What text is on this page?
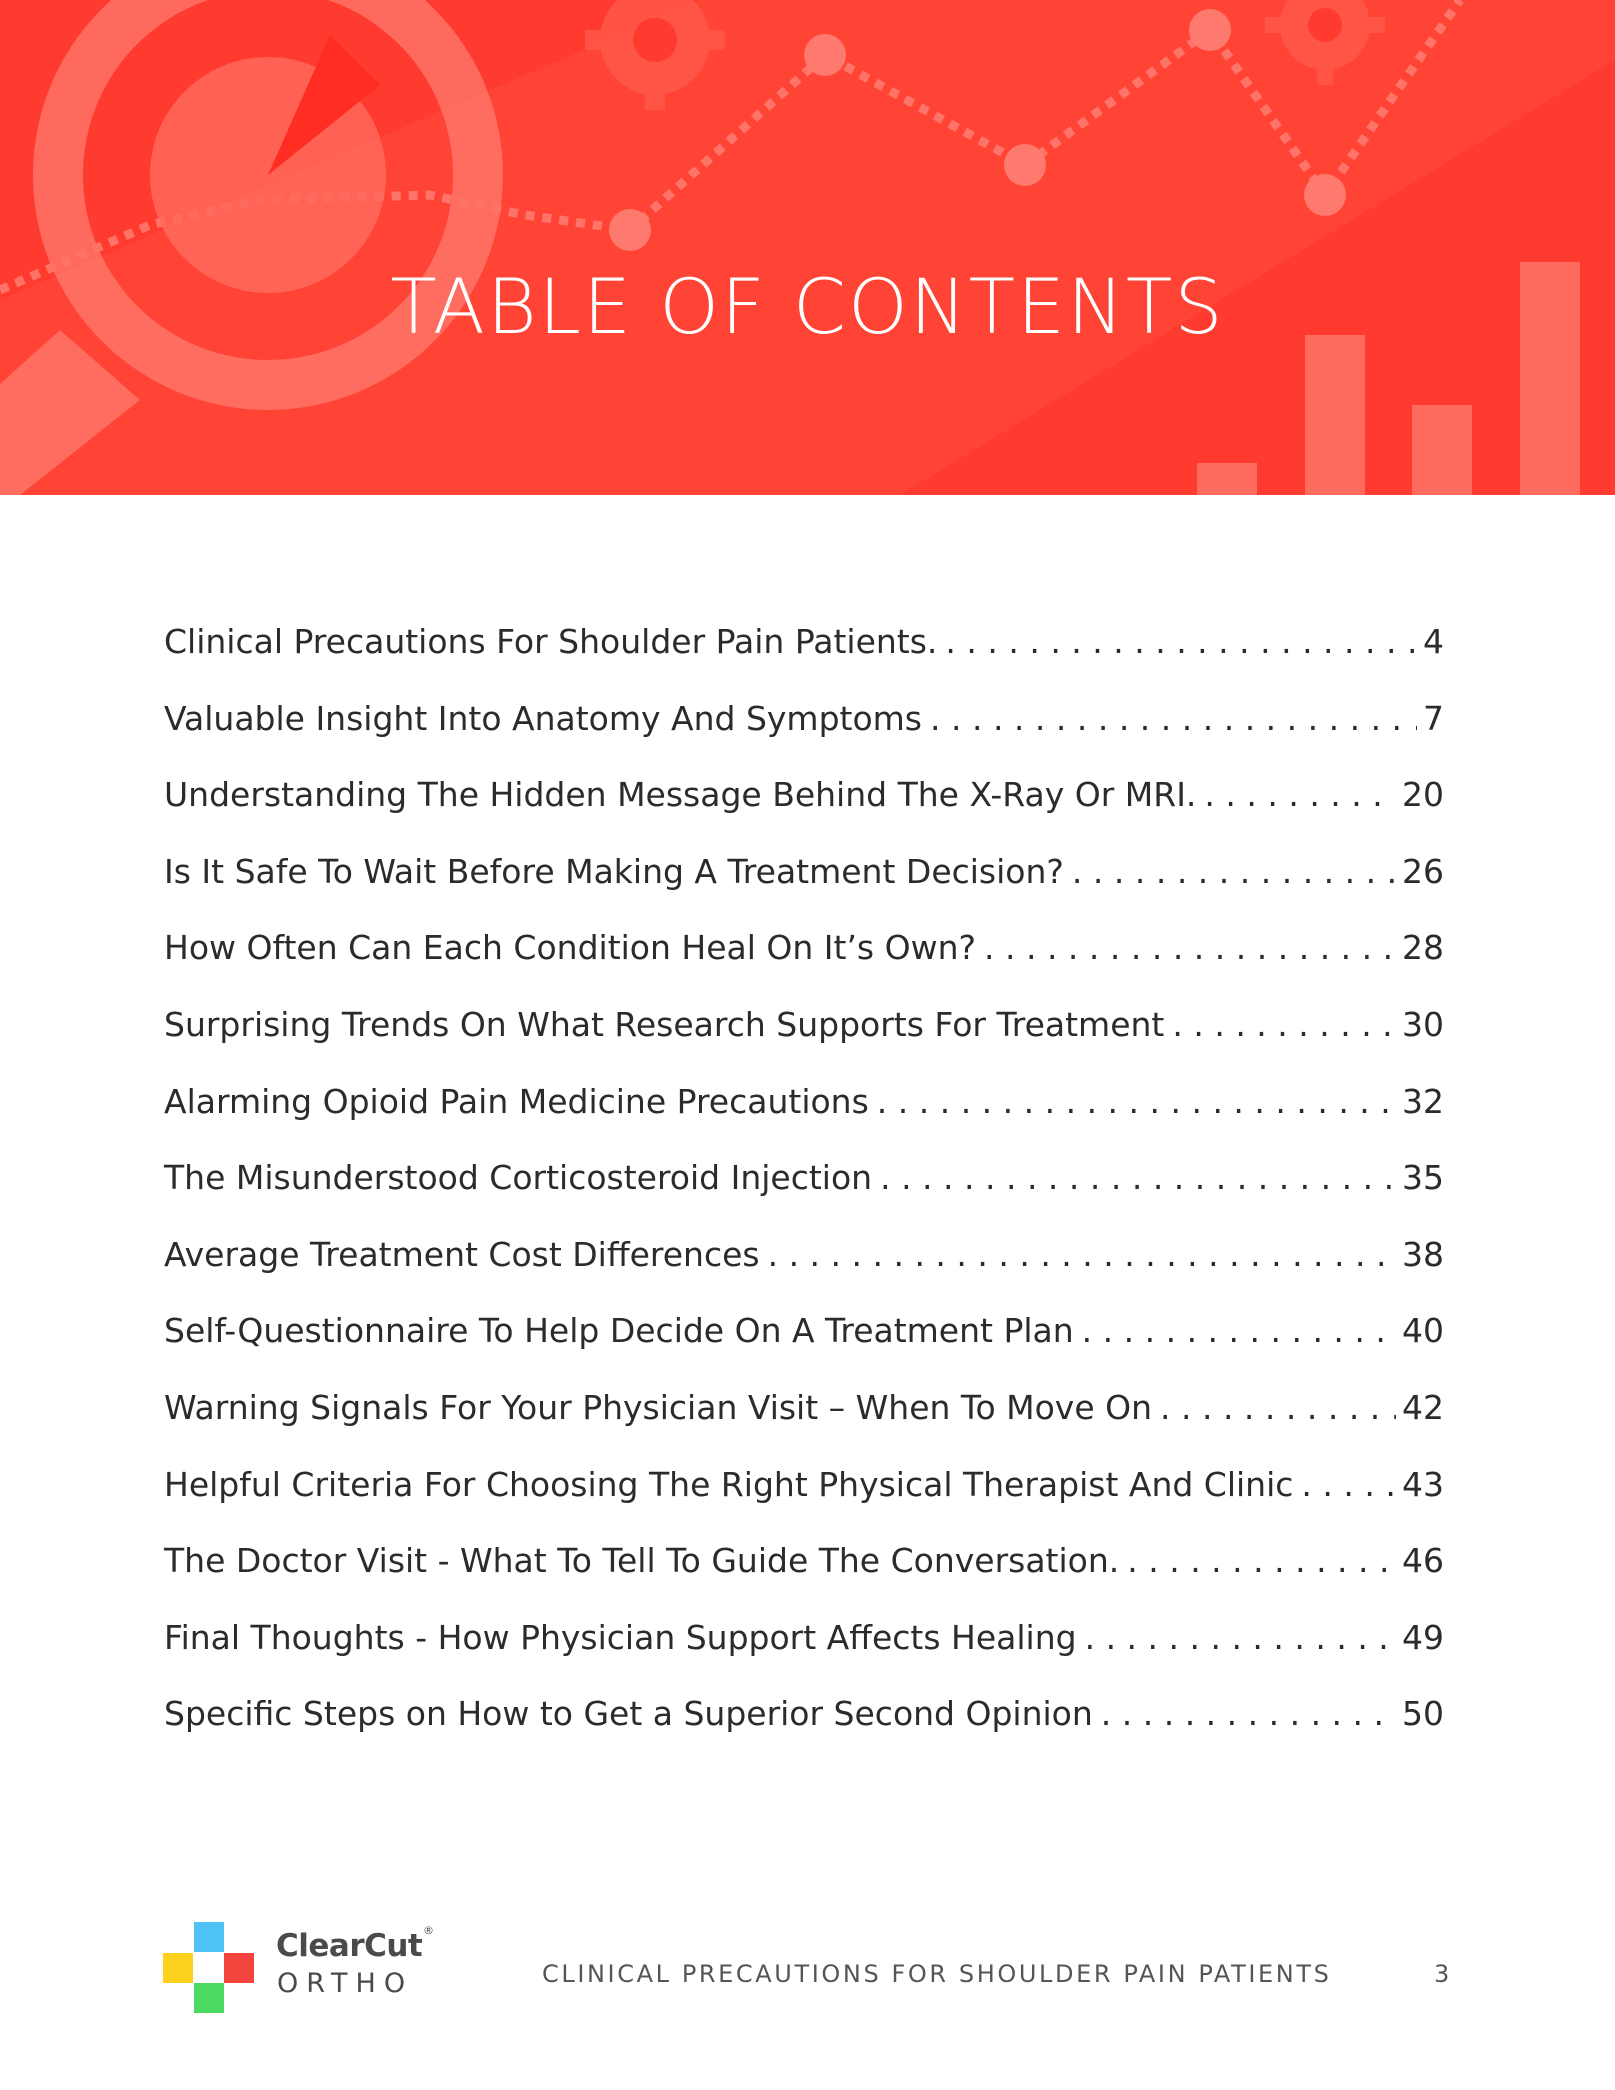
TABLE OF CONTENTS
Clinical Precautions For Shoulder Pain Patients. . . .	4
Valuable Insight Into Anatomy And Symptoms . . .	7
Understanding The Hidden Message Behind The X-Ray Or MRI. . . .	20
Is It Safe To Wait Before Making A Treatment Decision? . . .	26
How Often Can Each Condition Heal On It’s Own? . . .	28
Surprising Trends On What Research Supports For Treatment . . .	30
Alarming Opioid Pain Medicine Precautions . . .	32
The Misunderstood Corticosteroid Injection . . .	35
Average Treatment Cost Differences . . .	38
Self-Questionnaire To Help Decide On A Treatment Plan . . .	40
Warning Signals For Your Physician Visit – When To Move On . . .	42
Helpful Criteria For Choosing The Right Physical Therapist And Clinic . . .	43
The Doctor Visit - What To Tell To Guide The Conversation. . . .	46
Final Thoughts - How Physician Support Affects Healing . . .	49
Specific Steps on How to Get a Superior Second Opinion . . .	50
ClearCut ®
ORTHO	CLINICAL PRECAUTIONS FOR SHOULDER PAIN PATIENTS	3
